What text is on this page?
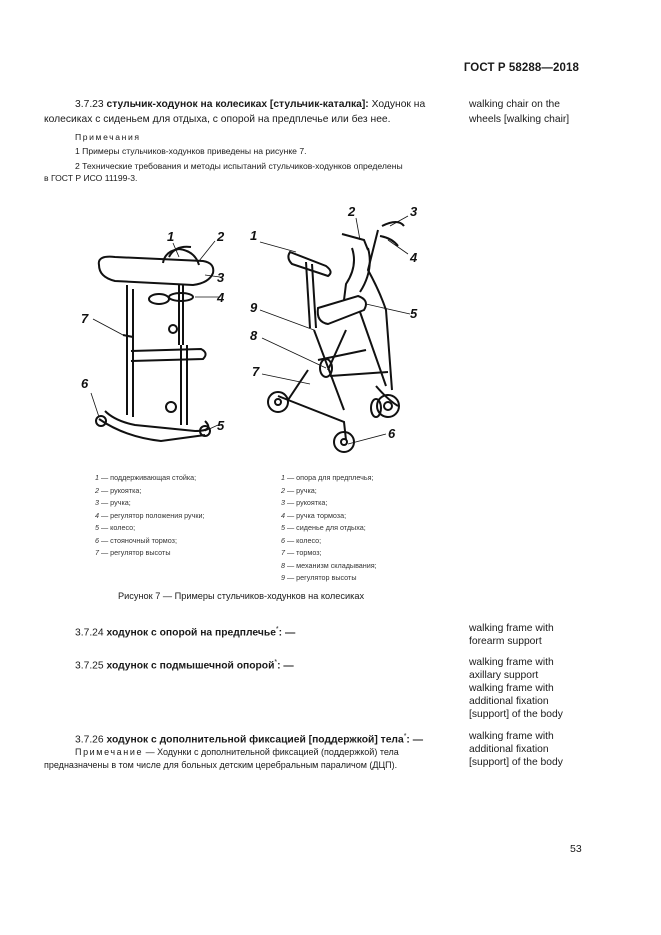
ГОСТ Р 58288—2018
3.7.23 стульчик-ходунок на колесиках [стульчик-каталка]: Ходунок на
колесиках с сиденьем для отдыха, с опорой на предплечье или без нее.
walking chair on the
wheels [walking chair]
Примечания
1 Примеры стульчиков-ходунков приведены на рисунке 7.
2 Технические требования и методы испытаний стульчиков-ходунков определены
в ГОСТ Р ИСО 11199-3.
1	2
3
4
5
6
7
1
2	3
4
5
6
7
8
9
1 — поддерживающая стойка;
2 — рукоятка;
3 — ручка;
4 — регулятор положения ручки;
5 — колесо;
6 — стояночный тормоз;
7 — регулятор высоты
1 — опора для предплечья;
2 — ручка;
3 — рукоятка;
4 — ручка тормоза;
5 — сиденье для отдыха;
6 — колесо;
7 — тормоз;
8 — механизм складывания;
9 — регулятор высоты
Рисунок 7 — Примеры стульчиков-ходунков на колесиках
3.7.24 ходунок с опорой на предплечье*: —	walking frame with
forearm support
3.7.25 ходунок с подмышечной опорой*: —	walking frame with
axillary support
walking frame with
additional fixation
[support] of the body
3.7.26 ходунок с дополнительной фиксацией [поддержкой] тела*: —	walking frame with
additional fixation
[support] of the body
Примечание — Ходунки с дополнительной фиксацией (поддержкой) тела
предназначены в том числе для больных детским церебральным параличом (ДЦП).
53
